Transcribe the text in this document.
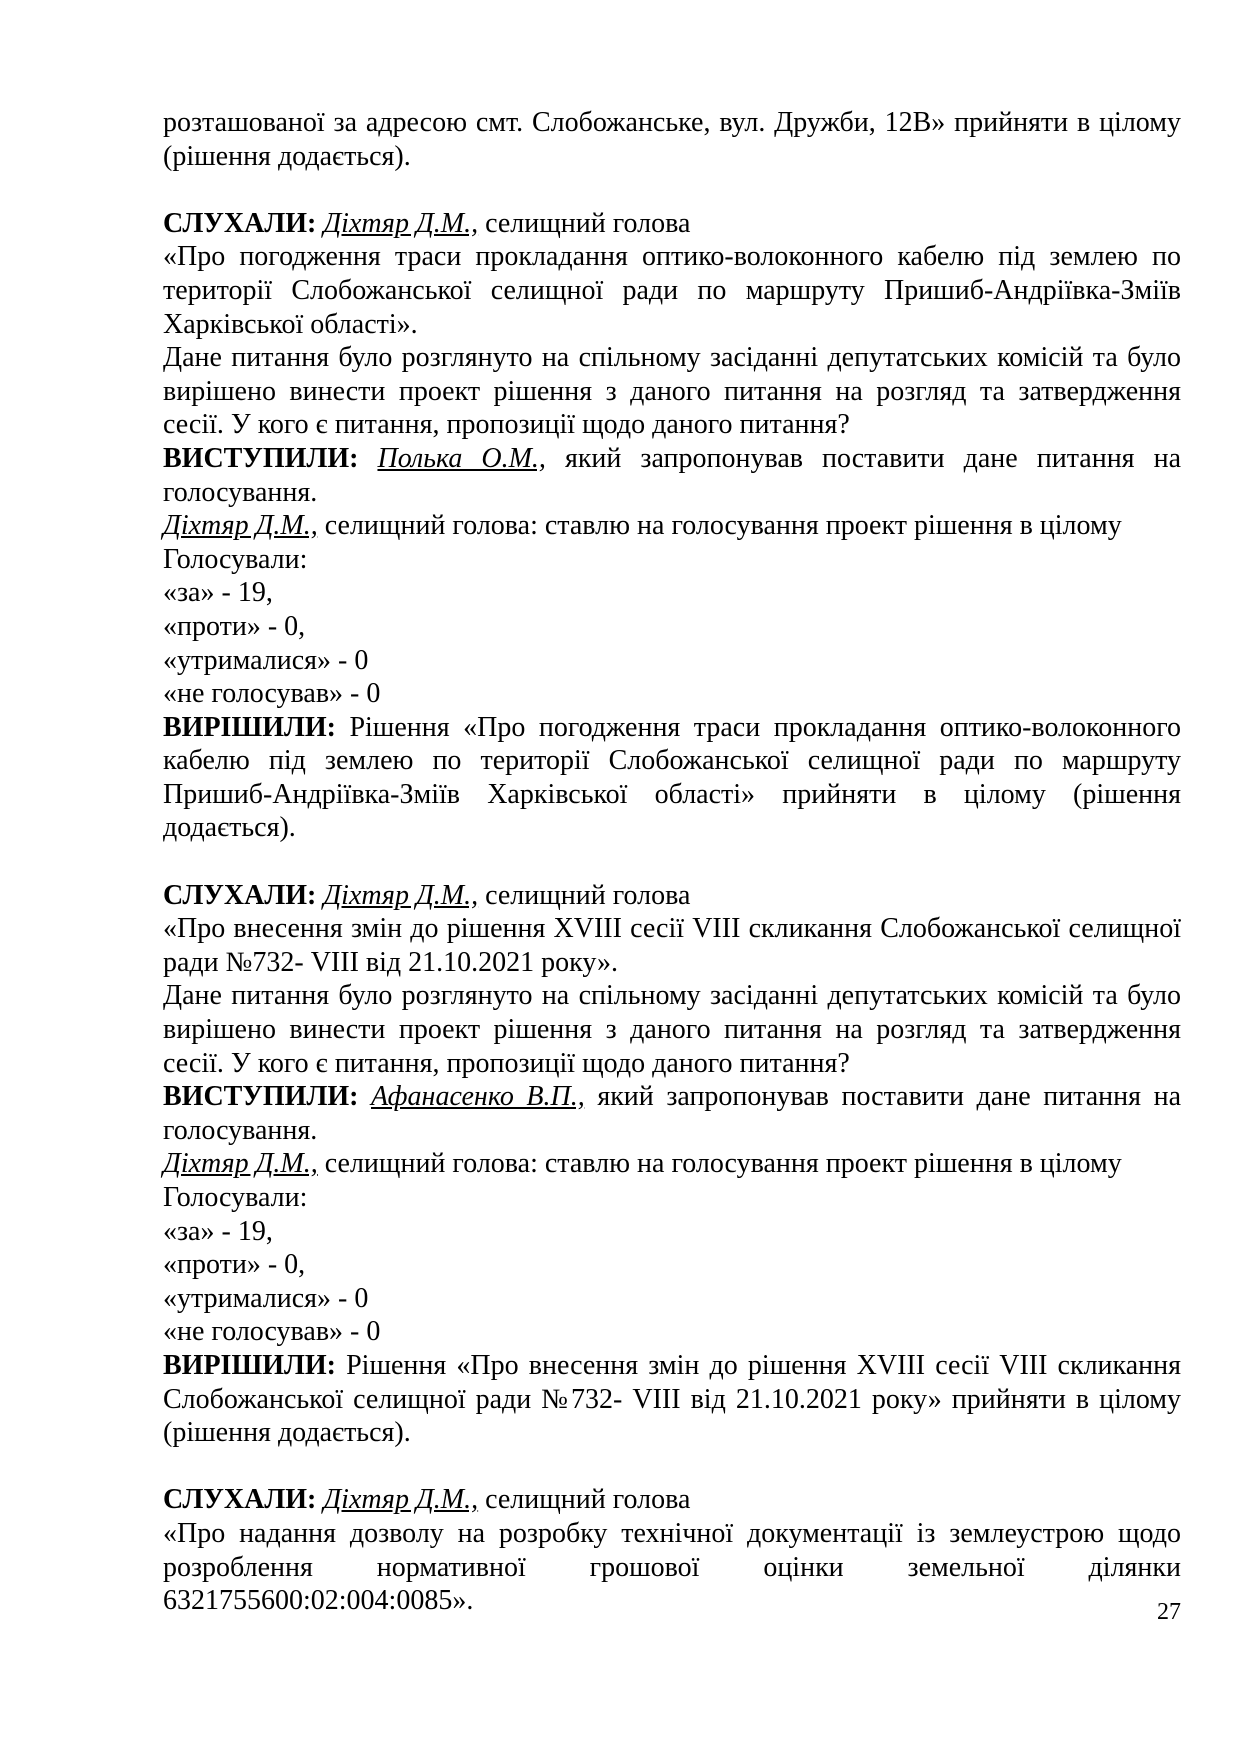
розташованої за адресою смт. Слобожанське, вул. Дружби, 12В» прийняти в цілому (рішення додається).

СЛУХАЛИ: Діхтяр Д.М., селищний голова

«Про погодження траси прокладання оптико-волоконного кабелю під землею по території Слобожанської селищної ради по маршруту Пришиб-Андріївка-Зміїв Харківської області».

Дане питання було розглянуто на спільному засіданні депутатських комісій та було вирішено винести проект рішення з даного питання на розгляд та затвердження сесії. У кого є питання, пропозиції щодо даного питання?

ВИСТУПИЛИ: Полька О.М., який запропонував поставити дане питання на голосування.

Діхтяр Д.М., селищний голова: ставлю на голосування проект рішення в цілому

Голосували:

«за» - 19,

«проти» - 0,

«утрималися» - 0

«не голосував» - 0

ВИРІШИЛИ: Рішення «Про погодження траси прокладання оптико-волоконного кабелю під землею по території Слобожанської селищної ради по маршруту Пришиб-Андріївка-Зміїв Харківської області» прийняти в цілому (рішення додається).

СЛУХАЛИ: Діхтяр Д.М., селищний голова

«Про внесення змін до рішення XVIII сесії VIII скликання Слобожанської селищної ради №732- VIII від 21.10.2021 року».

Дане питання було розглянуто на спільному засіданні депутатських комісій та було вирішено винести проект рішення з даного питання на розгляд та затвердження сесії. У кого є питання, пропозиції щодо даного питання?

ВИСТУПИЛИ: Афанасенко В.П., який запропонував поставити дане питання на голосування.

Діхтяр Д.М., селищний голова: ставлю на голосування проект рішення в цілому

Голосували:

«за» - 19,

«проти» - 0,

«утрималися» - 0

«не голосував» - 0

ВИРІШИЛИ: Рішення «Про внесення змін до рішення XVIII сесії VIII скликання Слобожанської селищної ради №732- VIII від 21.10.2021 року» прийняти в цілому (рішення додається).

СЛУХАЛИ: Діхтяр Д.М., селищний голова

«Про надання дозволу на розробку технічної документації із землеустрою щодо розроблення нормативної грошової оцінки земельної ділянки 6321755600:02:004:0085».	27
